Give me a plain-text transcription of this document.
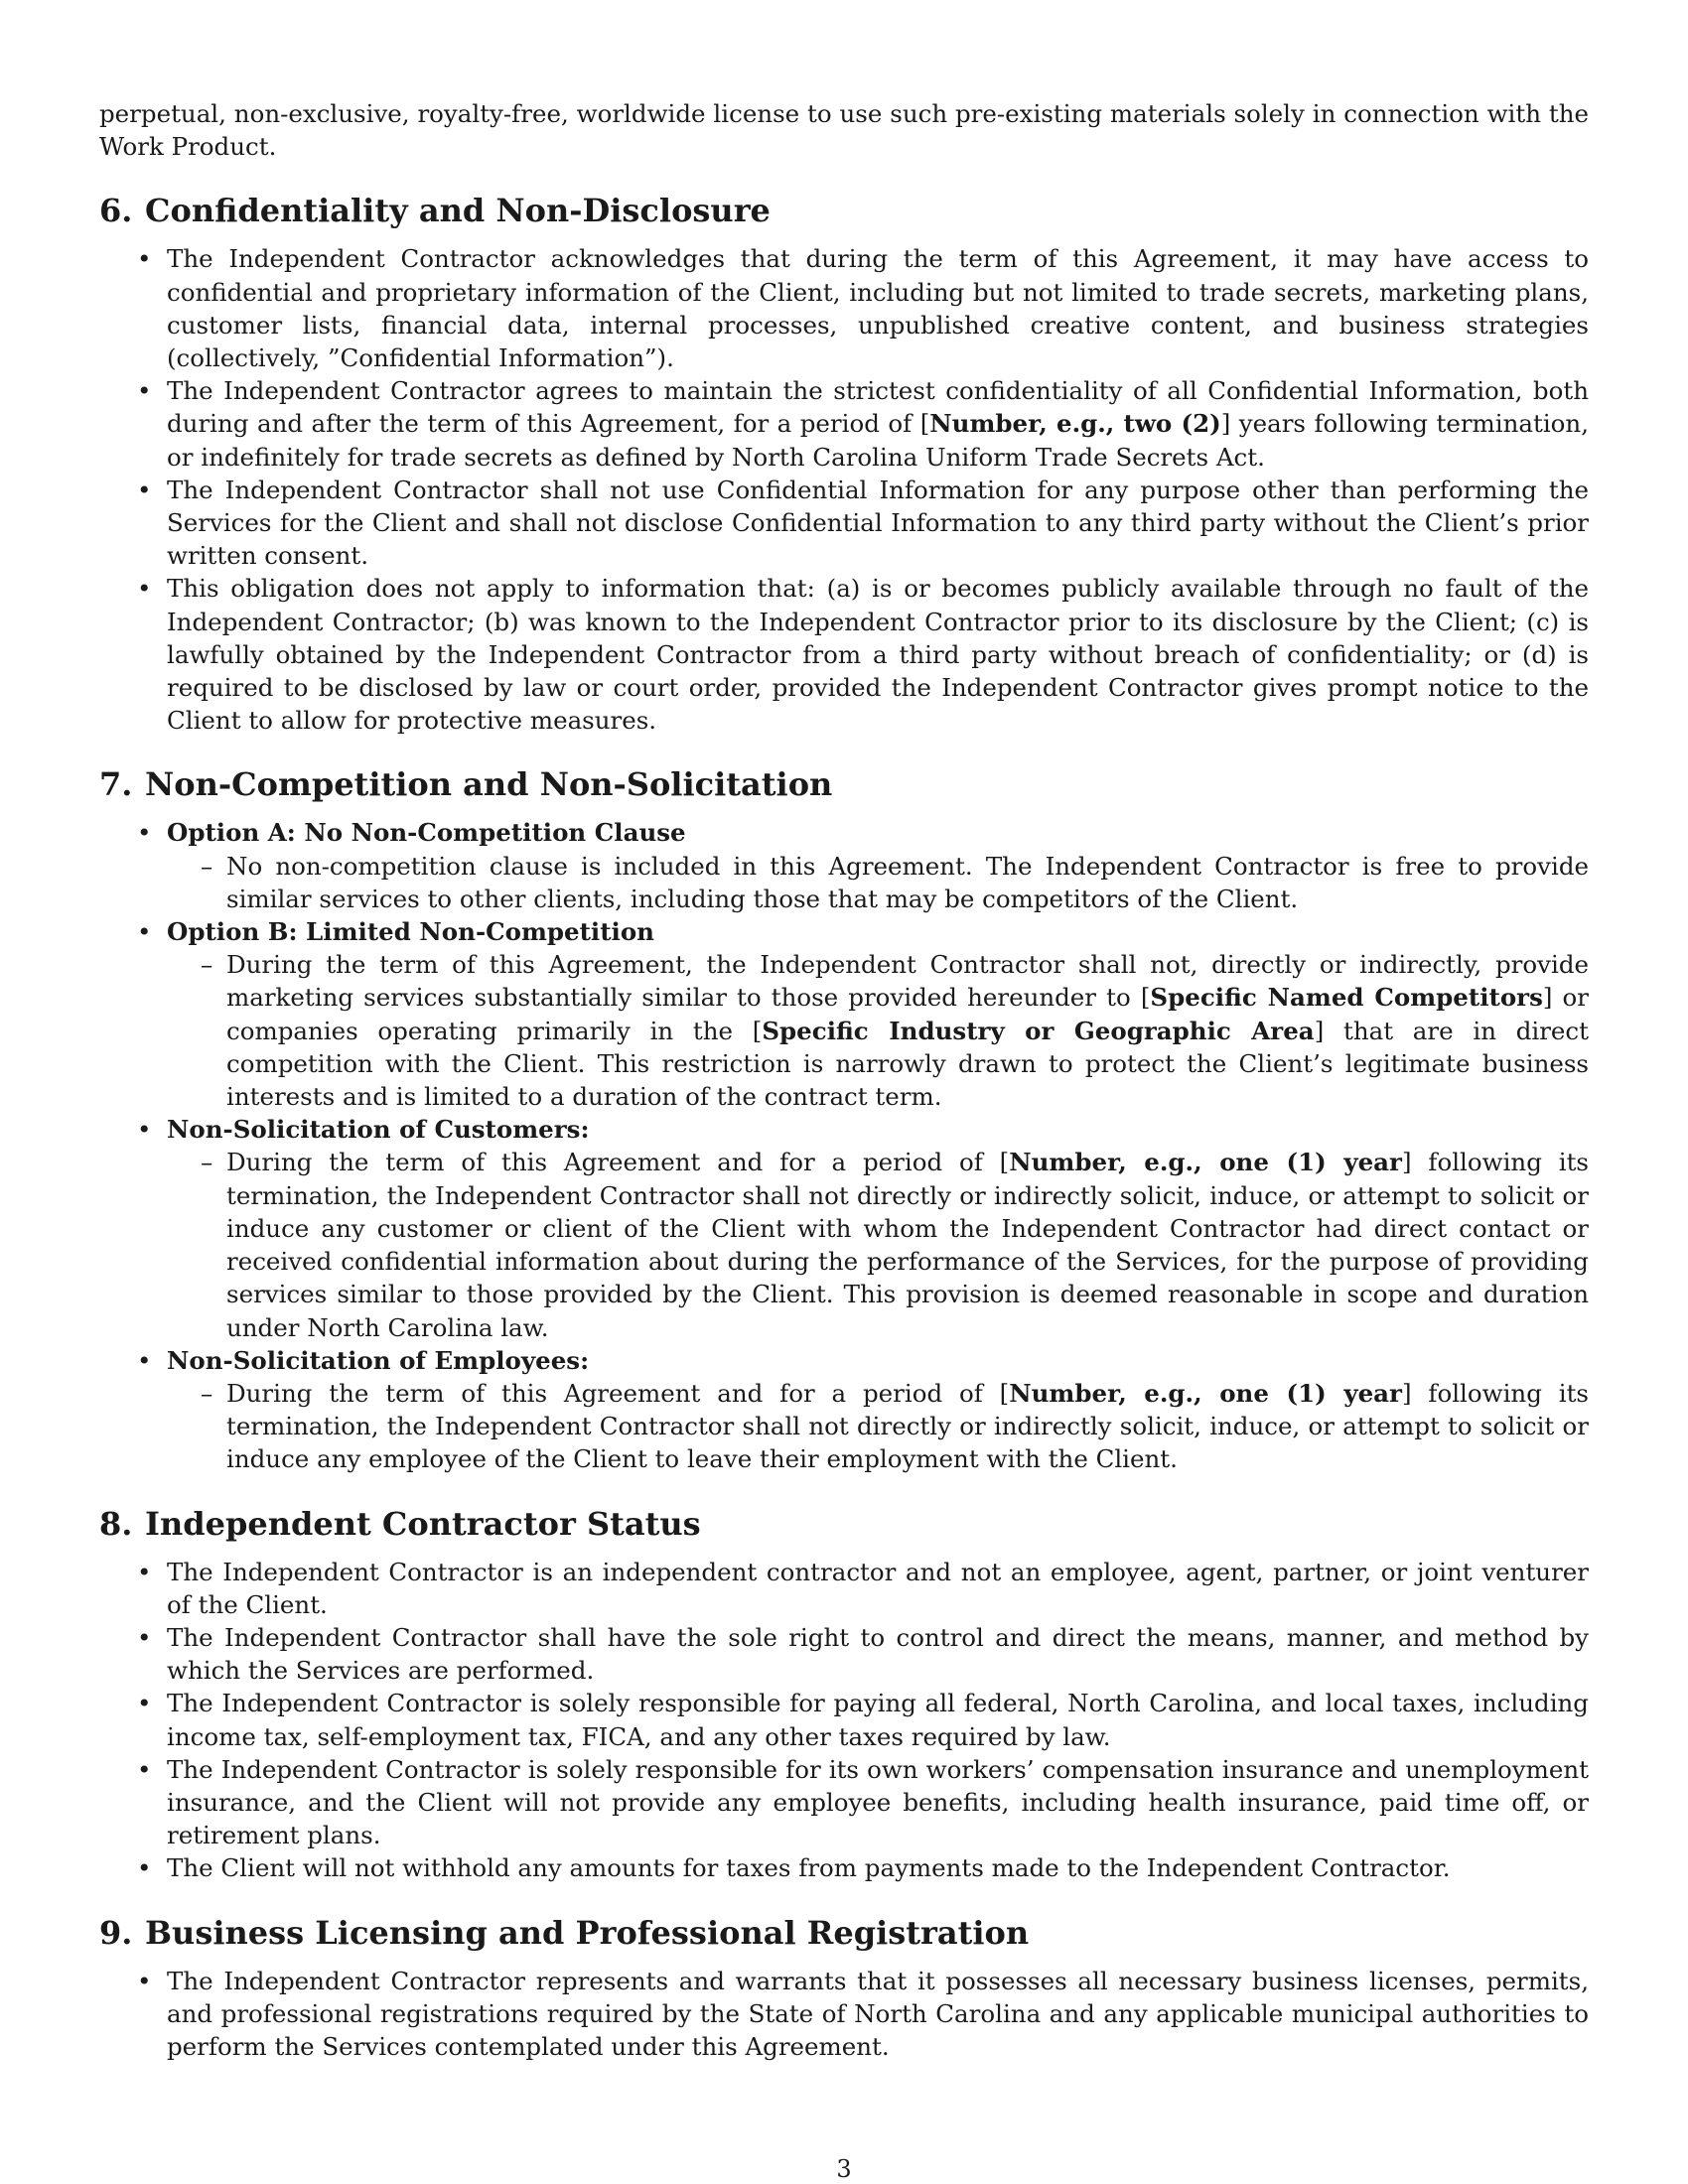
perpetual, non-exclusive, royalty-free, worldwide license to use such pre-existing materials solely in connection with the Work Product.

6. Confidentiality and Non-Disclosure
• The Independent Contractor acknowledges that during the term of this Agreement, it may have access to confidential and proprietary information of the Client, including but not limited to trade secrets, marketing plans, customer lists, financial data, internal processes, unpublished creative content, and business strategies (collectively, ”Confidential Information”).
• The Independent Contractor agrees to maintain the strictest confidentiality of all Confidential Information, both during and after the term of this Agreement, for a period of [Number, e.g., two (2)] years following termination, or indefinitely for trade secrets as defined by North Carolina Uniform Trade Secrets Act.
• The Independent Contractor shall not use Confidential Information for any purpose other than performing the Services for the Client and shall not disclose Confidential Information to any third party without the Client’s prior written consent.
• This obligation does not apply to information that: (a) is or becomes publicly available through no fault of the Independent Contractor; (b) was known to the Independent Contractor prior to its disclosure by the Client; (c) is lawfully obtained by the Independent Contractor from a third party without breach of confidentiality; or (d) is required to be disclosed by law or court order, provided the Independent Contractor gives prompt notice to the Client to allow for protective measures.
7. Non-Competition and Non-Solicitation
• Option A: No Non-Competition Clause
– No non-competition clause is included in this Agreement. The Independent Contractor is free to provide similar services to other clients, including those that may be competitors of the Client.
• Option B: Limited Non-Competition
– During the term of this Agreement, the Independent Contractor shall not, directly or indirectly, provide marketing services substantially similar to those provided hereunder to [Specific Named Competitors] or companies operating primarily in the [Specific Industry or Geographic Area] that are in direct competition with the Client. This restriction is narrowly drawn to protect the Client’s legitimate business interests and is limited to a duration of the contract term.
• Non-Solicitation of Customers:
– During the term of this Agreement and for a period of [Number, e.g., one (1) year] following its termination, the Independent Contractor shall not directly or indirectly solicit, induce, or attempt to solicit or induce any customer or client of the Client with whom the Independent Contractor had direct contact or received confidential information about during the performance of the Services, for the purpose of providing services similar to those provided by the Client. This provision is deemed reasonable in scope and duration under North Carolina law.
• Non-Solicitation of Employees:
– During the term of this Agreement and for a period of [Number, e.g., one (1) year] following its termination, the Independent Contractor shall not directly or indirectly solicit, induce, or attempt to solicit or induce any employee of the Client to leave their employment with the Client.
8. Independent Contractor Status
• The Independent Contractor is an independent contractor and not an employee, agent, partner, or joint venturer of the Client.
• The Independent Contractor shall have the sole right to control and direct the means, manner, and method by which the Services are performed.
• The Independent Contractor is solely responsible for paying all federal, North Carolina, and local taxes, including income tax, self-employment tax, FICA, and any other taxes required by law.
• The Independent Contractor is solely responsible for its own workers’ compensation insurance and unemployment insurance, and the Client will not provide any employee benefits, including health insurance, paid time off, or retirement plans.
• The Client will not withhold any amounts for taxes from payments made to the Independent Contractor.
9. Business Licensing and Professional Registration
• The Independent Contractor represents and warrants that it possesses all necessary business licenses, permits, and professional registrations required by the State of North Carolina and any applicable municipal authorities to perform the Services contemplated under this Agreement.
3
